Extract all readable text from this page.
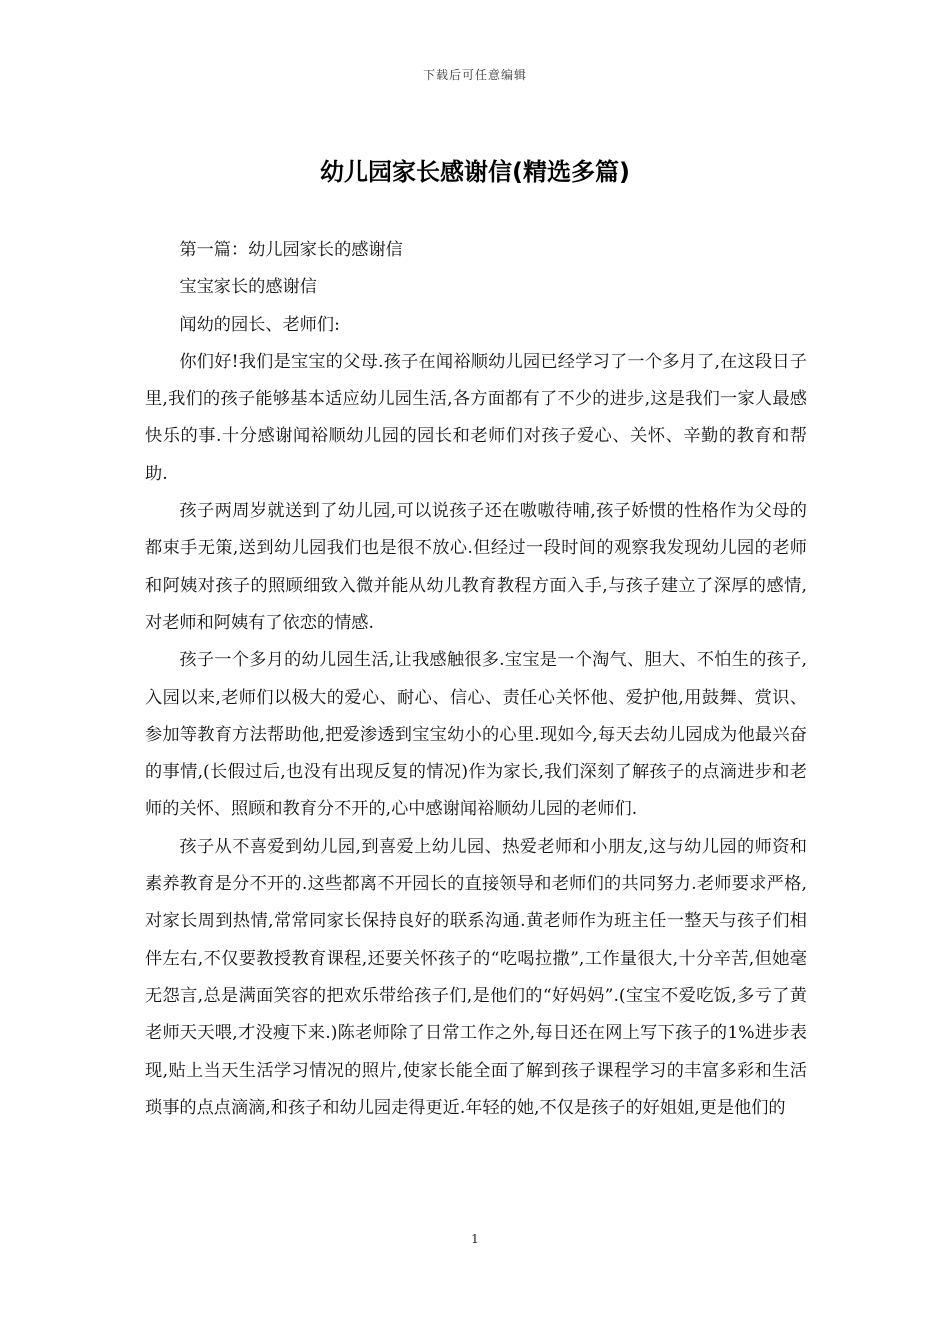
下载后可任意编辑
幼儿园家长感谢信(精选多篇)

第一篇：幼儿园家长的感谢信

宝宝家长的感谢信

闻幼的园长、老师们:

你们好!我们是宝宝的父母.孩子在闻裕顺幼儿园已经学习了一个多月了,在这段日子里,我们的孩子能够基本适应幼儿园生活,各方面都有了不少的进步,这是我们一家人最感快乐的事.十分感谢闻裕顺幼儿园的园长和老师们对孩子爱心、关怀、辛勤的教育和帮助.

孩子两周岁就送到了幼儿园,可以说孩子还在嗷嗷待哺,孩子娇惯的性格作为父母的都束手无策,送到幼儿园我们也是很不放心.但经过一段时间的观察我发现幼儿园的老师和阿姨对孩子的照顾细致入微并能从幼儿教育教程方面入手,与孩子建立了深厚的感情,对老师和阿姨有了依恋的情感.

孩子一个多月的幼儿园生活,让我感触很多.宝宝是一个淘气、胆大、不怕生的孩子,入园以来,老师们以极大的爱心、耐心、信心、责任心关怀他、爱护他,用鼓舞、赏识、参加等教育方法帮助他,把爱渗透到宝宝幼小的心里.现如今,每天去幼儿园成为他最兴奋的事情,(长假过后,也没有出现反复的情况)作为家长,我们深刻了解孩子的点滴进步和老师的关怀、照顾和教育分不开的,心中感谢闻裕顺幼儿园的老师们.

孩子从不喜爱到幼儿园,到喜爱上幼儿园、热爱老师和小朋友,这与幼儿园的师资和素养教育是分不开的.这些都离不开园长的直接领导和老师们的共同努力.老师要求严格,对家长周到热情,常常同家长保持良好的联系沟通.黄老师作为班主任一整天与孩子们相伴左右,不仅要教授教育课程,还要关怀孩子的“吃喝拉撒”,工作量很大,十分辛苦,但她毫无怨言,总是满面笑容的把欢乐带给孩子们,是他们的“好妈妈”.(宝宝不爱吃饭,多亏了黄老师天天喂,才没瘦下来.)陈老师除了日常工作之外,每日还在网上写下孩子的1%进步表现,贴上当天生活学习情况的照片,使家长能全面了解到孩子课程学习的丰富多彩和生活琐事的点点滴滴,和孩子和幼儿园走得更近.年轻的她,不仅是孩子的好姐姐,更是他们的

1
